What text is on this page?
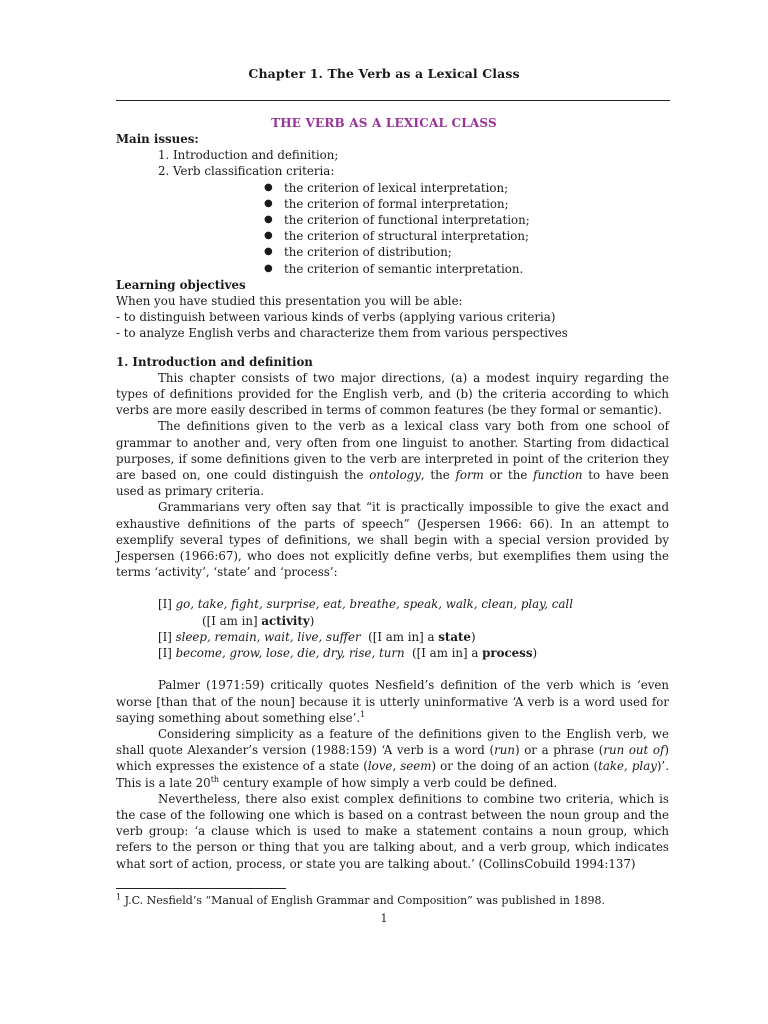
Chapter 1. The Verb as a Lexical Class
THE VERB AS A LEXICAL CLASS

Main issues:

1. Introduction and definition;

2. Verb classification criteria:

● the criterion of lexical interpretation;
● the criterion of formal interpretation;
● the criterion of functional interpretation;
● the criterion of structural interpretation;
● the criterion of distribution;
● the criterion of semantic interpretation.

Learning objectives

When you have studied this presentation you will be able:

- to distinguish between various kinds of verbs (applying various criteria)

- to analyze English verbs and characterize them from various perspectives

1. Introduction and definition

This chapter consists of two major directions, (a) a modest inquiry regarding the types of definitions provided for the English verb, and (b) the criteria according to which verbs are more easily described in terms of common features (be they formal or semantic).

The definitions given to the verb as a lexical class vary both from one school of grammar to another and, very often from one linguist to another. Starting from didactical purposes, if some definitions given to the verb are interpreted in point of the criterion they are based on, one could distinguish the ontology, the form or the function to have been used as primary criteria.

Grammarians very often say that “it is practically impossible to give the exact and exhaustive definitions of the parts of speech” (Jespersen 1966: 66). In an attempt to exemplify several types of definitions, we shall begin with a special version provided by Jespersen (1966:67), who does not explicitly define verbs, but exemplifies them using the terms ‘activity’, ‘state’ and ‘process’:

[I] go, take, fight, surprise, eat, breathe, speak, walk, clean, play, call

([I am in] activity)

[I] sleep, remain, wait, live, suffer  ([I am in] a state)

[I] become, grow, lose, die, dry, rise, turn  ([I am in] a process)

Palmer (1971:59) critically quotes Nesfield’s definition of the verb which is ‘even worse [than that of the noun] because it is utterly uninformative ‘A verb is a word used for saying something about something else’.$^1$

Considering simplicity as a feature of the definitions given to the English verb, we shall quote Alexander’s version (1988:159) ‘A verb is a word (run) or a phrase (run out of) which expresses the existence of a state (love, seem) or the doing of an action (take, play)’. This is a late 20th century example of how simply a verb could be defined.

Nevertheless, there also exist complex definitions to combine two criteria, which is the case of the following one which is based on a contrast between the noun group and the verb group: ‘a clause which is used to make a statement contains a noun group, which refers to the person or thing that you are talking about, and a verb group, which indicates what sort of action, process, or state you are talking about.’ (CollinsCobuild 1994:137)

$^1$ J.C. Nesfield’s “Manual of English Grammar and Composition” was published in 1898.
1
